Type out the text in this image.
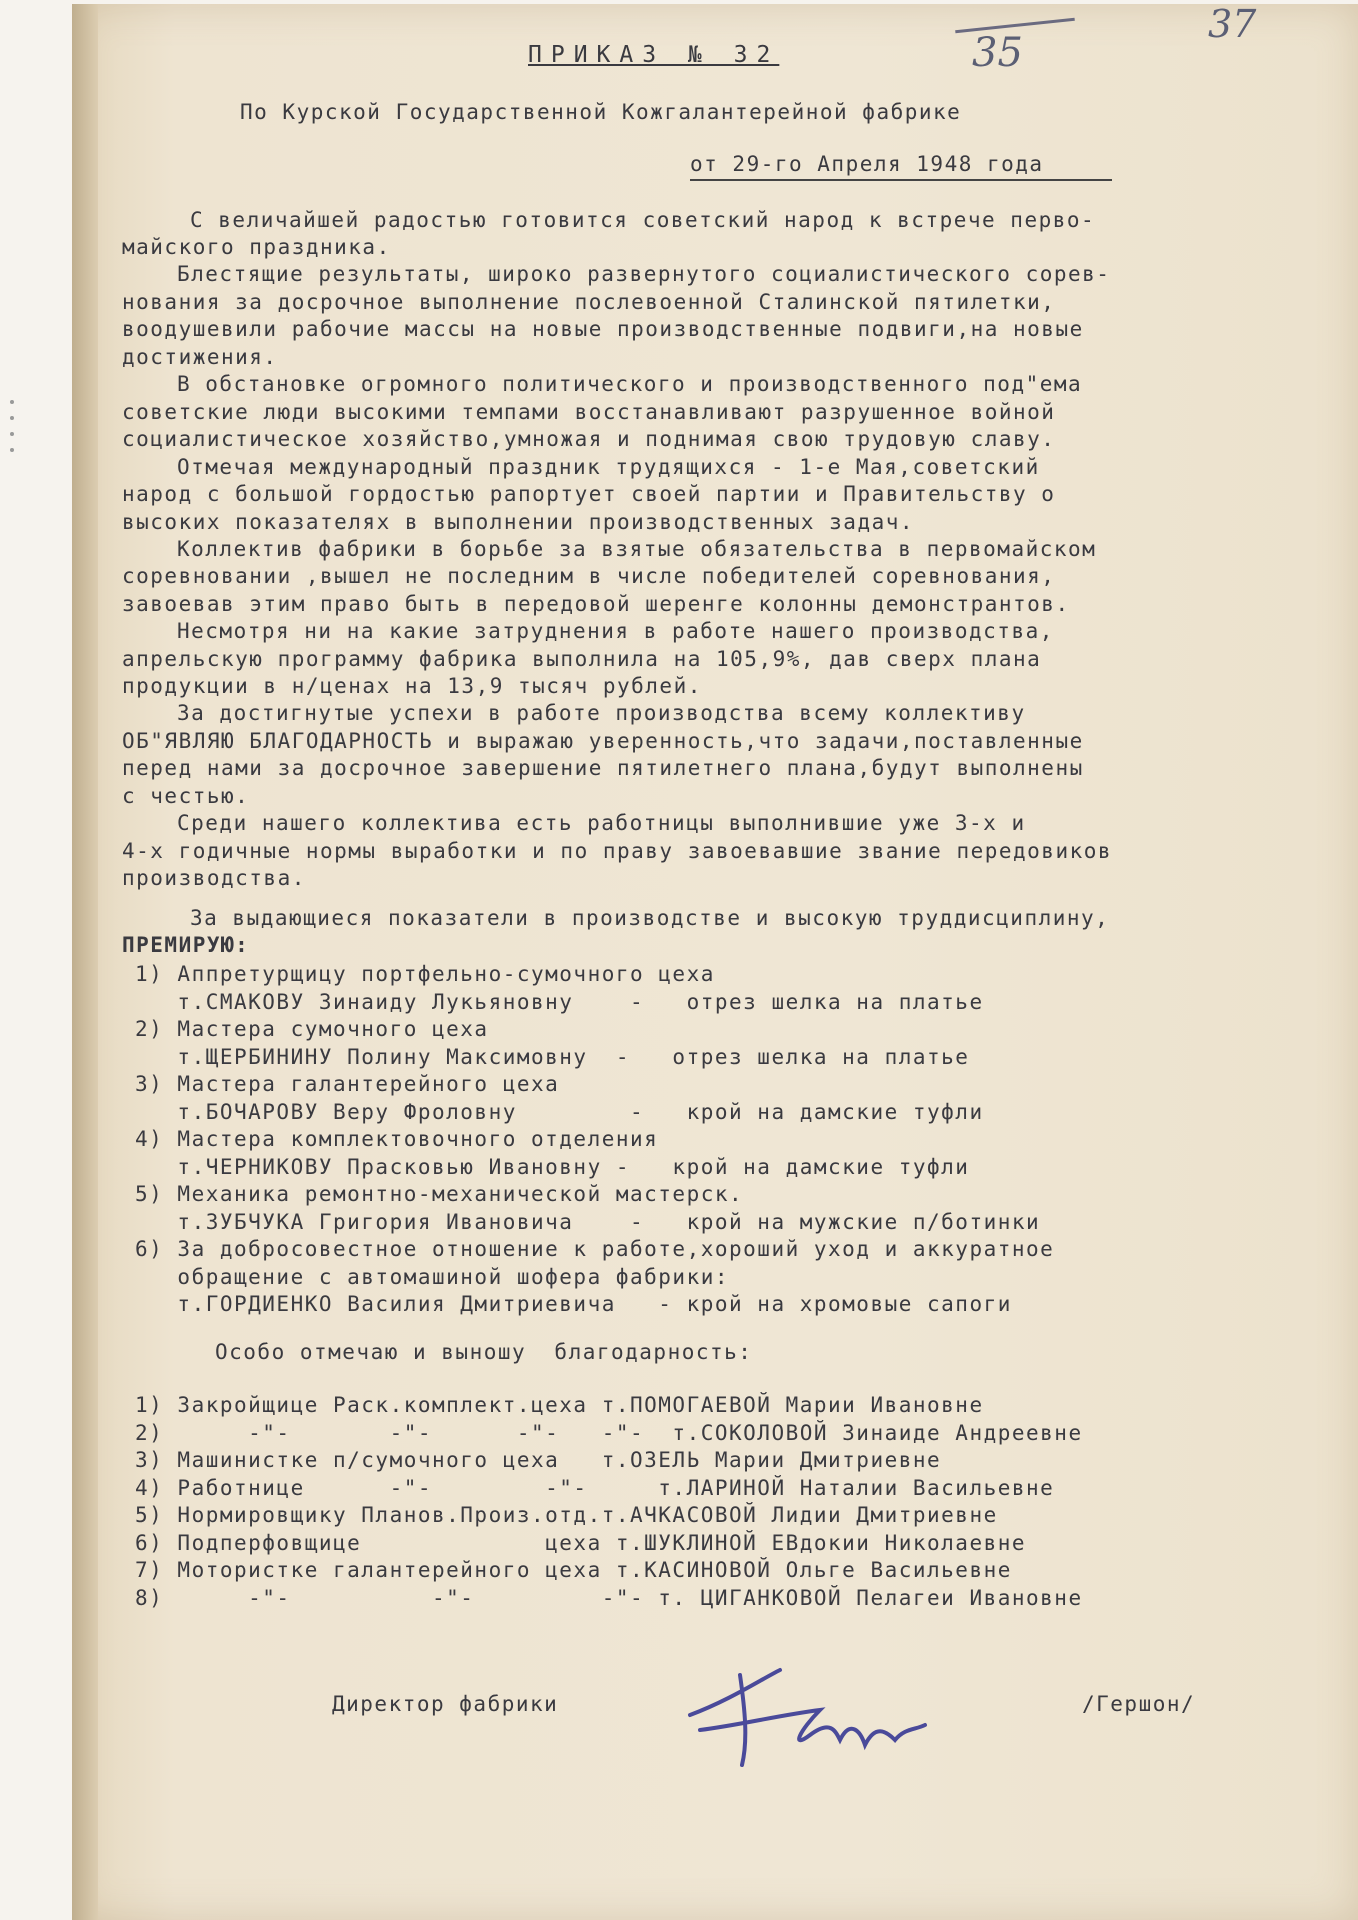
37
35
ПРИКАЗ № 32
По Курской Государственной Кожгалантерейной фабрике
от 29-го Апреля 1948 года
С величайшей радостью готовится советский народ к встрече перво-
майского праздника.
Блестящие результаты, широко развернутого социалистического сорев-
нования за досрочное выполнение послевоенной Сталинской пятилетки,
воодушевили рабочие массы на новые производственные подвиги,на новые
достижения.
В обстановке огромного политического и производственного под"ема
советские люди высокими темпами восстанавливают разрушенное войной
социалистическое хозяйство,умножая и поднимая свою трудовую славу.
Отмечая международный праздник трудящихся - 1-е Мая,советский
народ с большой гордостью рапортует своей партии и Правительству о
высоких показателях в выполнении производственных задач.
Коллектив фабрики в борьбе за взятые обязательства в первомайском
соревновании ,вышел не последним в числе победителей соревнования,
завоевав этим право быть в передовой шеренге колонны демонстрантов.
Несмотря ни на какие затруднения в работе нашего производства,
апрельскую программу фабрика выполнила на 105,9%, дав сверх плана
продукции в н/ценах на 13,9 тысяч рублей.
За достигнутые успехи в работе производства всему коллективу
ОБ"ЯВЛЯЮ БЛАГОДАРНОСТЬ и выражаю уверенность,что задачи,поставленные
перед нами за досрочное завершение пятилетнего плана,будут выполнены
с честью.
Среди нашего коллектива есть работницы выполнившие уже 3-х и
4-х годичные нормы выработки и по праву завоевавшие звание передовиков
производства.
За выдающиеся показатели в производстве и высокую труддисциплину,
ПРЕМИРУЮ:
1) Аппретурщицу портфельно-сумочного цеха
т.СМАКОВУ Зинаиду Лукьяновну    -   отрез шелка на платье
2) Мастера сумочного цеха
т.ЩЕРБИНИНУ Полину Максимовну  -   отрез шелка на платье
3) Мастера галантерейного цеха
т.БОЧАРОВУ Веру Фроловну        -   крой на дамские туфли
4) Мастера комплектовочного отделения
т.ЧЕРНИКОВУ Прасковью Ивановну -   крой на дамские туфли
5) Механика ремонтно-механической мастерск.
т.ЗУБЧУКА Григория Ивановича    -   крой на мужские п/ботинки
6) За добросовестное отношение к работе,хороший уход и аккуратное
обращение с автомашиной шофера фабрики:
т.ГОРДИЕНКО Василия Дмитриевича   - крой на хромовые сапоги
Особо отмечаю и выношу  благодарность:
1) Закройщице Раск.комплект.цеха т.ПОМОГАЕВОЙ Марии Ивановне
2)      -"-       -"-      -"-   -"-  т.СОКОЛОВОЙ Зинаиде Андреевне
3) Машинистке п/сумочного цеха   т.ОЗЕЛЬ Марии Дмитриевне
4) Работнице      -"-        -"-     т.ЛАРИНОЙ Наталии Васильевне
5) Нормировщику Планов.Произ.отд.т.АЧКАСОВОЙ Лидии Дмитриевне
6) Подперфовщице             цеха т.ШУКЛИНОЙ ЕВдокии Николаевне
7) Мотористке галантерейного цеха т.КАСИНОВОЙ Ольге Васильевне
8)      -"-          -"-         -"- т. ЦИГАНКОВОЙ Пелагеи Ивановне
Директор фабрики	/Гершон/
